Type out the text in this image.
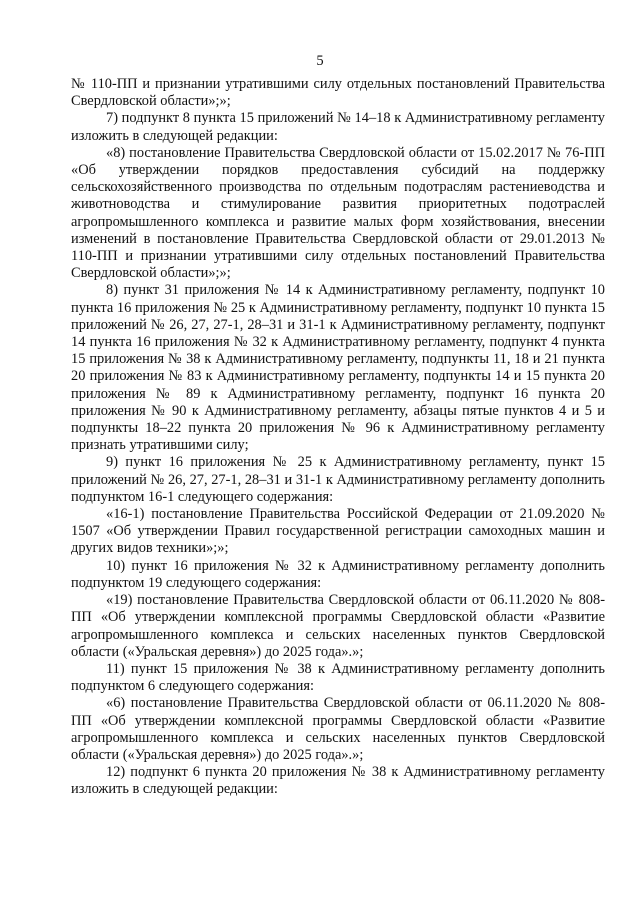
5

№ 110-ПП и признании утратившими силу отдельных постановлений Правительства Свердловской области»;»;

7) подпункт 8 пункта 15 приложений № 14–18 к Административному регламенту изложить в следующей редакции:

«8) постановление Правительства Свердловской области от 15.02.2017 № 76-ПП «Об утверждении порядков предоставления субсидий на поддержку сельскохозяйственного производства по отдельным подотраслям растениеводства и животноводства и стимулирование развития приоритетных подотраслей агропромышленного комплекса и развитие малых форм хозяйствования, внесении изменений в постановление Правительства Свердловской области от 29.01.2013 № 110-ПП и признании утратившими силу отдельных постановлений Правительства Свердловской области»;»;

8) пункт 31 приложения № 14 к Административному регламенту, подпункт 10 пункта 16 приложения № 25 к Административному регламенту, подпункт 10 пункта 15 приложений № 26, 27, 27-1, 28–31 и 31-1 к Административному регламенту, подпункт 14 пункта 16 приложения № 32 к Административному регламенту, подпункт 4 пункта 15 приложения № 38 к Административному регламенту, подпункты 11, 18 и 21 пункта 20 приложения № 83 к Административному регламенту, подпункты 14 и 15 пункта 20 приложения № 89 к Административному регламенту, подпункт 16 пункта 20 приложения № 90 к Административному регламенту, абзацы пятые пунктов 4 и 5 и подпункты 18–22 пункта 20 приложения № 96 к Административному регламенту признать утратившими силу;

9) пункт 16 приложения № 25 к Административному регламенту, пункт 15 приложений № 26, 27, 27-1, 28–31 и 31-1 к Административному регламенту дополнить подпунктом 16-1 следующего содержания:

«16-1) постановление Правительства Российской Федерации от 21.09.2020 № 1507 «Об утверждении Правил государственной регистрации самоходных машин и других видов техники»;»;

10) пункт 16 приложения № 32 к Административному регламенту дополнить подпунктом 19 следующего содержания:

«19) постановление Правительства Свердловской области от 06.11.2020 № 808-ПП «Об утверждении комплексной программы Свердловской области «Развитие агропромышленного комплекса и сельских населенных пунктов Свердловской области («Уральская деревня») до 2025 года».»;

11) пункт 15 приложения № 38 к Административному регламенту дополнить подпунктом 6 следующего содержания:

«6) постановление Правительства Свердловской области от 06.11.2020 № 808-ПП «Об утверждении комплексной программы Свердловской области «Развитие агропромышленного комплекса и сельских населенных пунктов Свердловской области («Уральская деревня») до 2025 года».»;

12) подпункт 6 пункта 20 приложения № 38 к Административному регламенту изложить в следующей редакции:
